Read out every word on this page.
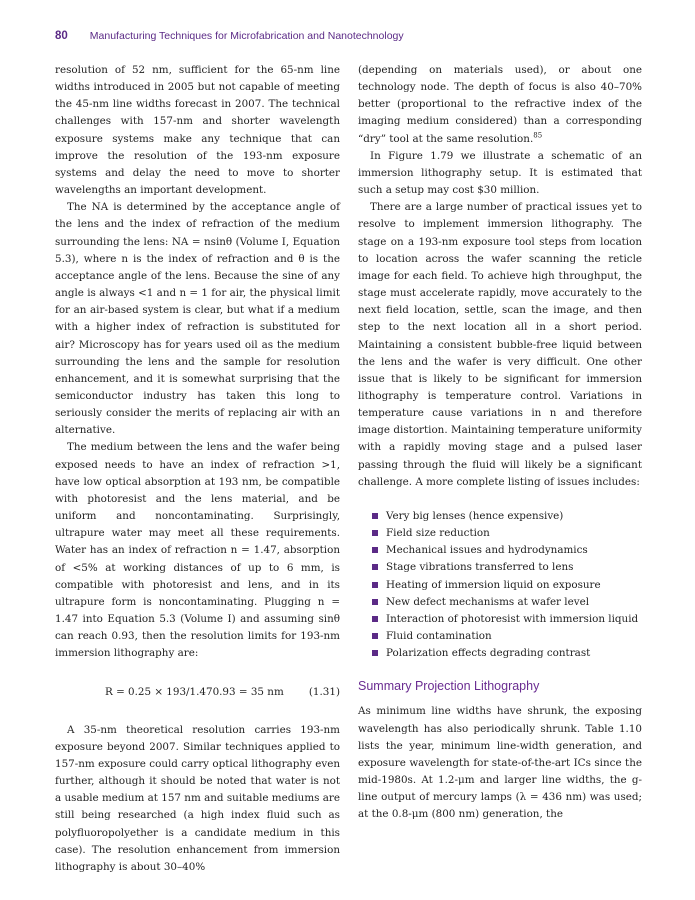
80 Manufacturing Techniques for Microfabrication and Nanotechnology

resolution of 52 nm, sufficient for the 65-nm line widths introduced in 2005 but not capable of meeting the 45-nm line widths forecast in 2007. The technical challenges with 157-nm and shorter wavelength exposure systems make any technique that can improve the resolution of the 193-nm exposure systems and delay the need to move to shorter wavelengths an important development.

The NA is determined by the acceptance angle of the lens and the index of refraction of the medium surrounding the lens: NA = nsinθ (Volume I, Equation 5.3), where n is the index of refraction and θ is the acceptance angle of the lens. Because the sine of any angle is always <1 and n = 1 for air, the physical limit for an air-based system is clear, but what if a medium with a higher index of refraction is substituted for air? Microscopy has for years used oil as the medium surrounding the lens and the sample for resolution enhancement, and it is somewhat surprising that the semiconductor industry has taken this long to seriously consider the merits of replacing air with an alternative.

The medium between the lens and the wafer being exposed needs to have an index of refraction >1, have low optical absorption at 193 nm, be compatible with photoresist and the lens material, and be uniform and noncontaminating. Surprisingly, ultrapure water may meet all these requirements. Water has an index of refraction n = 1.47, absorption of <5% at working distances of up to 6 mm, is compatible with photoresist and lens, and in its ultrapure form is noncontaminating. Plugging n = 1.47 into Equation 5.3 (Volume I) and assuming sinθ can reach 0.93, then the resolution limits for 193-nm immersion lithography are:

R = 0.25 × 193/1.470.93 = 35 nm (1.31)

A 35-nm theoretical resolution carries 193-nm exposure beyond 2007. Similar techniques applied to 157-nm exposure could carry optical lithography even further, although it should be noted that water is not a usable medium at 157 nm and suitable mediums are still being researched (a high index fluid such as polyfluoropolyether is a candidate medium in this case). The resolution enhancement from immersion lithography is about 30–40%

(depending on materials used), or about one technology node. The depth of focus is also 40–70% better (proportional to the refractive index of the imaging medium considered) than a corresponding “dry” tool at the same resolution.$^{85}$

In Figure 1.79 we illustrate a schematic of an immersion lithography setup. It is estimated that such a setup may cost $30 million.

There are a large number of practical issues yet to resolve to implement immersion lithography. The stage on a 193-nm exposure tool steps from location to location across the wafer scanning the reticle image for each field. To achieve high throughput, the stage must accelerate rapidly, move accurately to the next field location, settle, scan the image, and then step to the next location all in a short period. Maintaining a consistent bubble-free liquid between the lens and the wafer is very difficult. One other issue that is likely to be significant for immersion lithography is temperature control. Variations in temperature cause variations in n and therefore image distortion. Maintaining temperature uniformity with a rapidly moving stage and a pulsed laser passing through the fluid will likely be a significant challenge. A more complete listing of issues includes:

Very big lenses (hence expensive)
Field size reduction
Mechanical issues and hydrodynamics
Stage vibrations transferred to lens
Heating of immersion liquid on exposure
New defect mechanisms at wafer level
Interaction of photoresist with immersion liquid
Fluid contamination
Polarization effects degrading contrast
Summary Projection Lithography

As minimum line widths have shrunk, the exposing wavelength has also periodically shrunk. Table 1.10 lists the year, minimum line-width generation, and exposure wavelength for state-of-the-art ICs since the mid-1980s. At 1.2-μm and larger line widths, the g-line output of mercury lamps (λ = 436 nm) was used; at the 0.8-μm (800 nm) generation, the
